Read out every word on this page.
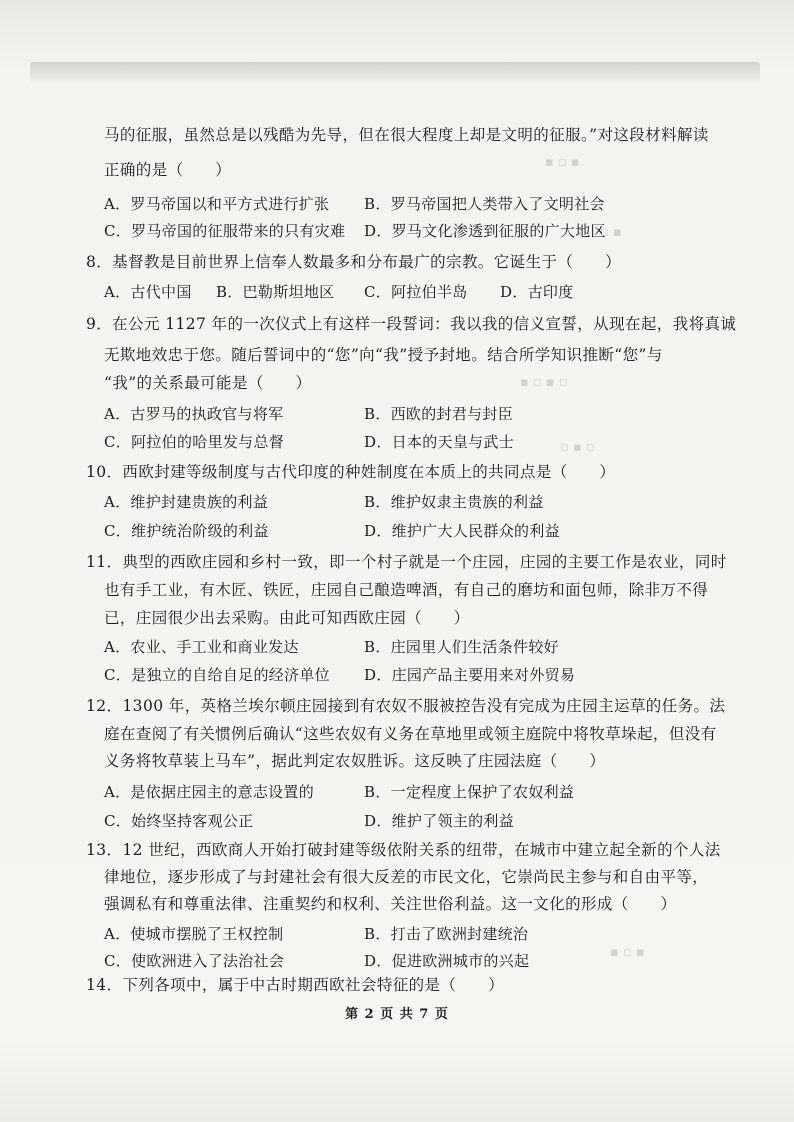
▪ ▫ ▪
▫ ▪
▪ ▫ ▪ ▫
▫ ▪ ▫
▪ ▫ ▪
马的征服，虽然总是以残酷为先导，但在很大程度上却是文明的征服。”对这段材料解读
正确的是（　　）
A．罗马帝国以和平方式进行扩张 B．罗马帝国把人类带入了文明社会
C．罗马帝国的征服带来的只有灾难 D．罗马文化渗透到征服的广大地区
8．基督教是目前世界上信奉人数最多和分布最广的宗教。它诞生于（　　）
A．古代中国 B．巴勒斯坦地区 C．阿拉伯半岛 D．古印度
9．在公元 1127 年的一次仪式上有这样一段誓词：我以我的信义宣誓，从现在起，我将真诚
无欺地效忠于您。随后誓词中的“您”向“我”授予封地。结合所学知识推断“您”与
“我”的关系最可能是（　　）
A．古罗马的执政官与将军	B．西欧的封君与封臣
C．阿拉伯的哈里发与总督	D．日本的天皇与武士
10．西欧封建等级制度与古代印度的种姓制度在本质上的共同点是（　　）
A．维护封建贵族的利益	B．维护奴隶主贵族的利益
C．维护统治阶级的利益	D．维护广大人民群众的利益
11．典型的西欧庄园和乡村一致，即一个村子就是一个庄园，庄园的主要工作是农业，同时
也有手工业，有木匠、铁匠，庄园自己酿造啤酒，有自己的磨坊和面包师，除非万不得
已，庄园很少出去采购。由此可知西欧庄园（　　）
A．农业、手工业和商业发达	B．庄园里人们生活条件较好
C．是独立的自给自足的经济单位 D．庄园产品主要用来对外贸易
12．1300 年，英格兰埃尔顿庄园接到有农奴不服被控告没有完成为庄园主运草的任务。法
庭在查阅了有关惯例后确认“这些农奴有义务在草地里或领主庭院中将牧草垛起，但没有
义务将牧草装上马车”，据此判定农奴胜诉。这反映了庄园法庭（　　）
A．是依据庄园主的意志设置的	B．一定程度上保护了农奴利益
C．始终坚持客观公正	D．维护了领主的利益
13．12 世纪，西欧商人开始打破封建等级依附关系的纽带，在城市中建立起全新的个人法
律地位，逐步形成了与封建社会有很大反差的市民文化，它崇尚民主参与和自由平等，
强调私有和尊重法律、注重契约和权利、关注世俗利益。这一文化的形成（　　）
A．使城市摆脱了王权控制	B．打击了欧洲封建统治
C．使欧洲进入了法治社会	D．促进欧洲城市的兴起
14．下列各项中，属于中古时期西欧社会特征的是（　　）
第 2 页 共 7 页
